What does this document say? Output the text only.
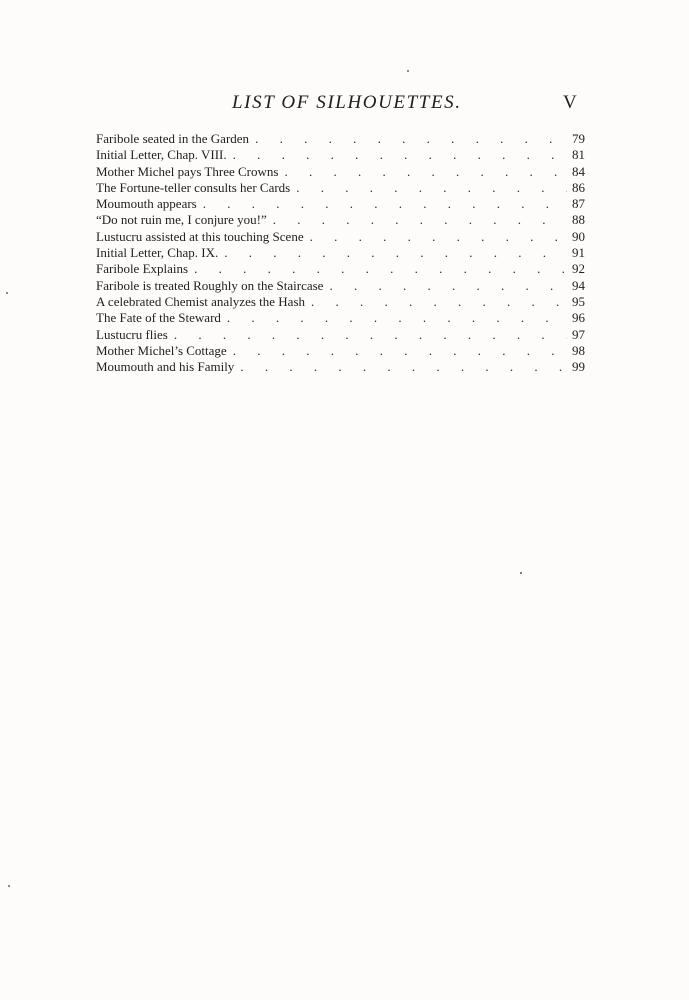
LIST OF SILHOUETTES.	V
Faribole seated in the Garden . . .	79
Initial Letter, Chap. VIII. . . .	81
Mother Michel pays Three Crowns . . .	84
The Fortune-teller consults her Cards . . .	86
Moumouth appears . . .	87
“Do not ruin me, I conjure you!” . . .	88
Lustucru assisted at this touching Scene . . .	90
Initial Letter, Chap. IX. . . .	91
Faribole Explains . . .	92
Faribole is treated Roughly on the Staircase . . .	94
A celebrated Chemist analyzes the Hash . . .	95
The Fate of the Steward . . .	96
Lustucru flies . . .	97
Mother Michel’s Cottage . . .	98
Moumouth and his Family . . .	99
